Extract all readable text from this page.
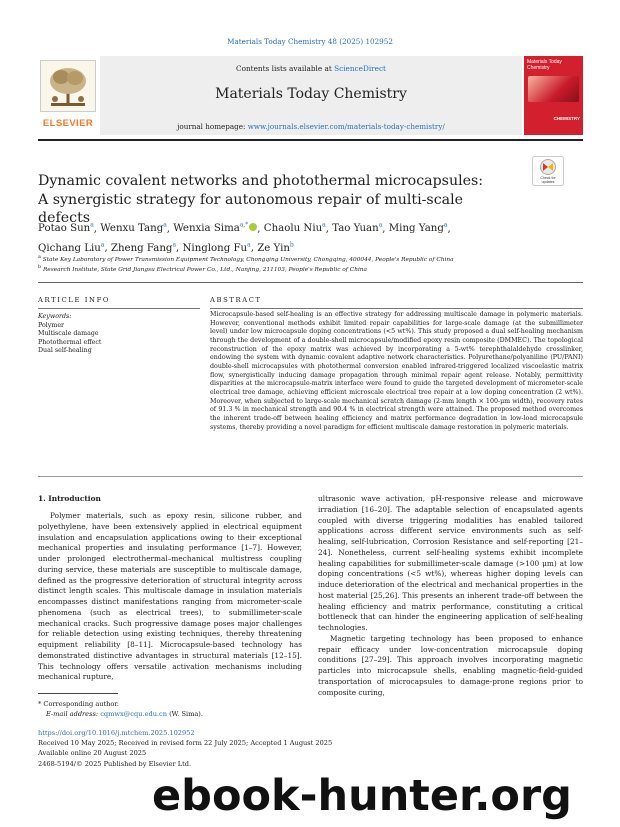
Materials Today Chemistry 48 (2025) 102952
ELSEVIER
Contents lists available at ScienceDirect
Materials Today Chemistry
journal homepage: www.journals.elsevier.com/materials-today-chemistry/
Materials Today Chemistry
CHEMISTRY
Dynamic covalent networks and photothermal microcapsules: A synergistic strategy for autonomous repair of multi-scale defects
Check for
updates
Potao Sun$^a$, Wenxu Tang$^a$, Wenxia Sima$^{a,*}$ , Chaolu Niu$^a$, Tao Yuan$^a$, Ming Yang$^a$,
Qichang Liu$^a$, Zheng Fang$^a$, Ninglong Fu$^a$, Ze Yin$^b$
$^a$ State Key Laboratory of Power Transmission Equipment Technology, Chongqing University, Chongqing, 400044, People's Republic of China
$^b$ Research Institute, State Grid Jiangsu Electrical Power Co., Ltd., Nanjing, 211103, People's Republic of China
ARTICLE INFO
Keywords:
Polymer
Multiscale damage
Photothermal effect
Dual self-healing
ABSTRACT
Microcapsule-based self-healing is an effective strategy for addressing multiscale damage in polymeric materials. However, conventional methods exhibit limited repair capabilities for large-scale damage (at the submillimeter level) under low microcapsule doping concentrations (<5 wt%). This study proposed a dual self-healing mechanism through the development of a double-shell microcapsule/modified epoxy resin composite (DMMEC). The topological reconstruction of the epoxy matrix was achieved by incorporating a 5-wt% terephthalaldehyde crosslinker, endowing the system with dynamic covalent adaptive network characteristics. Polyurethane/polyaniline (PU/PANI) double-shell microcapsules with photothermal conversion enabled infrared-triggered localized viscoelastic matrix flow, synergistically inducing damage propagation through minimal repair agent release. Notably, permittivity disparities at the microcapsule-matrix interface were found to guide the targeted development of micrometer-scale electrical tree damage, achieving efficient microscale electrical tree repair at a low doping concentration (2 wt%). Moreover, when subjected to large-scale mechanical scratch damage (2-mm length × 100-μm width), recovery rates of 91.3 % in mechanical strength and 90.4 % in electrical strength were attained. The proposed method overcomes the inherent trade-off between healing efficiency and matrix performance degradation in low-load microcapsule systems, thereby providing a novel paradigm for efficient multiscale damage restoration in polymeric materials.
1. Introduction
Polymer materials, such as epoxy resin, silicone rubber, and polyethylene, have been extensively applied in electrical equipment insulation and encapsulation applications owing to their exceptional mechanical properties and insulating performance [1–7]. However, under prolonged electrothermal–mechanical multistress coupling during service, these materials are susceptible to multiscale damage, defined as the progressive deterioration of structural integrity across distinct length scales. This multiscale damage in insulation materials encompasses distinct manifestations ranging from micrometer-scale phenomena (such as electrical trees), to submillimeter-scale mechanical cracks. Such progressive damage poses major challenges for reliable detection using existing techniques, thereby threatening equipment reliability [8–11]. Microcapsule-based technology has demonstrated distinctive advantages in structural materials [12–15]. This technology offers versatile activation mechanisms including mechanical rupture,

ultrasonic wave activation, pH-responsive release and microwave irradiation [16–20]. The adaptable selection of encapsulated agents coupled with diverse triggering modalities has enabled tailored applications across different service environments such as self-healing, self-lubrication, Corrosion Resistance and self-reporting [21–24]. Nonetheless, current self-healing systems exhibit incomplete healing capabilities for submillimeter-scale damage (>100 μm) at low doping concentrations (<5 wt%), whereas higher doping levels can induce deterioration of the electrical and mechanical properties in the host material [25,26]. This presents an inherent trade-off between the healing efficiency and matrix performance, constituting a critical bottleneck that can hinder the engineering application of self-healing technologies.

Magnetic targeting technology has been proposed to enhance repair efficacy under low-concentration microcapsule doping conditions [27–29]. This approach involves incorporating magnetic particles into microcapsule shells, enabling magnetic-field-guided transportation of microcapsules to damage-prone regions prior to composite curing,

* Corresponding author.
E-mail address: cqmwx@cqu.edu.cn (W. Sima).
https://doi.org/10.1016/j.mtchem.2025.102952
Received 10 May 2025; Received in revised form 22 July 2025; Accepted 1 August 2025
Available online 20 August 2025
2468-5194/© 2025 Published by Elsevier Ltd.
ebook-hunter.org
